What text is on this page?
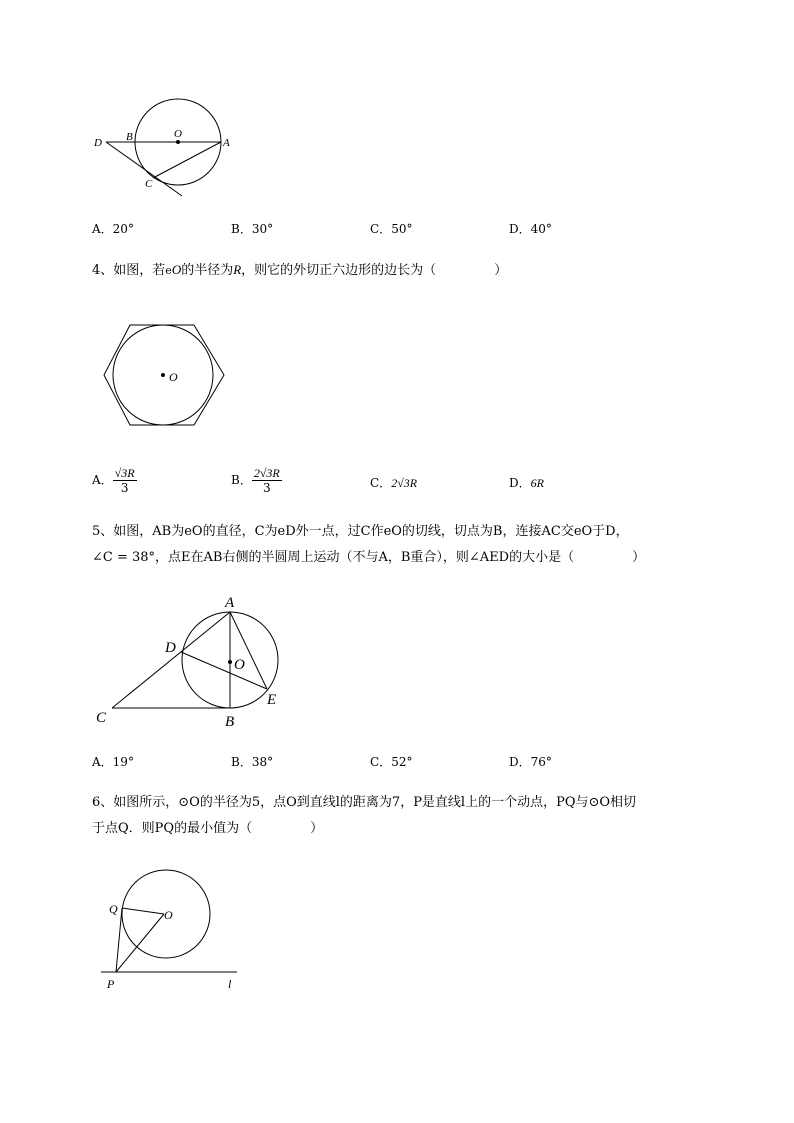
D B	O
A
C
A．20°	B．30°	C．50°	D．40°
4、如图，若eO的半径为R，则它的外切正六边形的边长为（	）
O
A． $\frac{√3R}{3}$	B． $\frac{2√3R}{3}$	C．2√3R	D．6R
5、如图，AB为eO的直径，C为eD外一点，过C作eO的切线，切点为B，连接AC交eO于D，
∠C = 38°，点E在AB右侧的半圆周上运动（不与A，B重合），则∠AED的大小是（	）
A
D
O
E
C	B
A．19°	B．38°	C．52°	D．76°
6、如图所示，⊙O的半径为5，点O到直线l的距离为7，P是直线l上的一个动点，PQ与⊙O相切
于点Q．则PQ的最小值为（	）
Q	O
P	l
